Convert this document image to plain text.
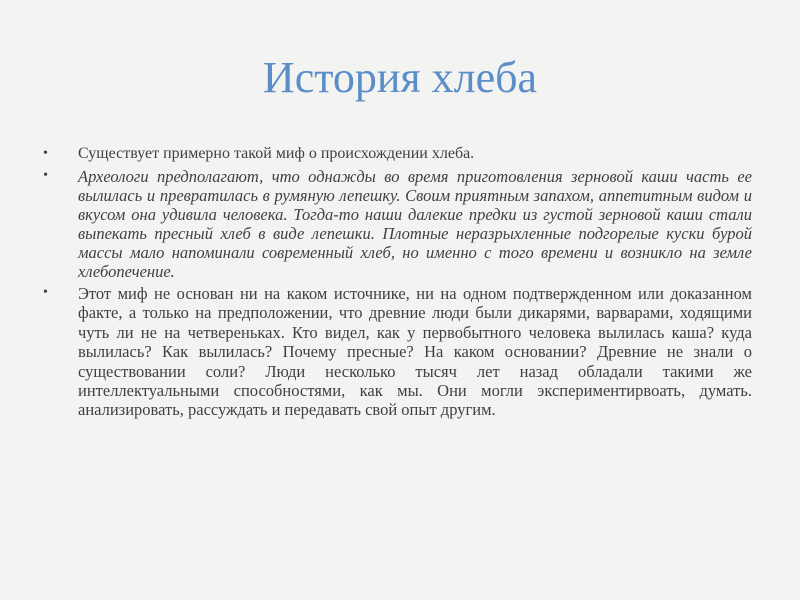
История хлеба
• Существует примерно такой миф о происхождении хлеба.
• Археологи предполагают, что однажды во время приготовления зерновой каши часть ее вылилась и превратилась в румяную лепешку. Своим приятным запахом, аппетитным видом и вкусом она удивила человека. Тогда-то наши далекие предки из густой зерновой каши стали выпекать пресный хлеб в виде лепешки. Плотные неразрыхленные подгорелые куски бурой массы мало напоминали современный хлеб, но именно с того времени и возникло на земле хлебопечение.
• Этот миф не основан ни на каком источнике, ни на одном подтвержденном или доказанном факте, а только на предположении, что древние люди были дикарями, варварами, ходящими чуть ли не на четвереньках. Кто видел, как у первобытного человека вылилась каша? куда вылилась? Как вылилась? Почему пресные? На каком основании? Древние не знали о существовании соли? Люди несколько тысяч лет назад обладали такими же интеллектуальными способностями, как мы. Они могли экспериментирвоать, думать. анализировать, рассуждать и передавать свой опыт другим.
